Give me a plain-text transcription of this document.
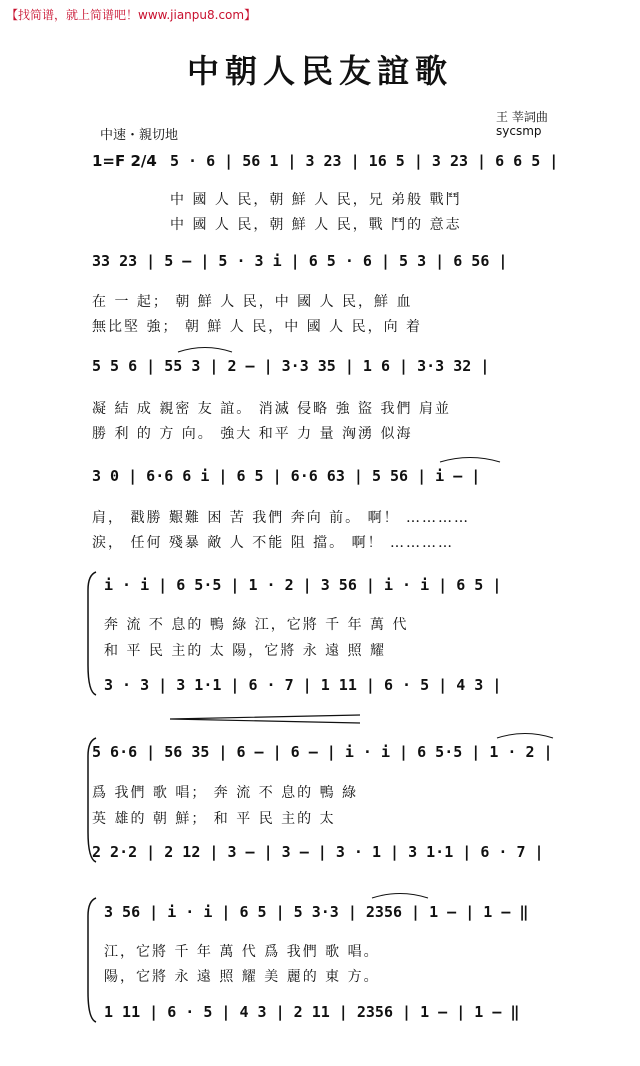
【找简谱，就上简谱吧！www.jianpu8.com】
中朝人民友誼歌
王 莘詞曲
sycsmp
中速・親切地
1=F 2/4 5 · 6 | 56 1 | 3 23 | 16 5 | 3 23 | 6 6 5 |
中 國 人 民，朝 鮮 人 民，兄 弟般 戰鬥
中 國 人 民，朝 鮮 人 民，戰 鬥的 意志
33 23 | 5 — | 5 · 3 i | 6 5 · 6 | 5 3 | 6 56 |
在 一 起； 朝 鮮 人 民，中 國 人 民，鮮 血
無比堅 強； 朝 鮮 人 民，中 國 人 民，向 着
5 5 6 | 55 3 | 2 — | 3·3 35 | 1 6 | 3·3 32 |
凝 結 成 親密 友 誼。 消滅 侵略 強 盜 我們 肩並
勝 利 的 方 向。 強大 和平 力 量 洶湧 似海
3 0 | 6·6 6 i | 6 5 | 6·6 63 | 5 56 | i — |
肩， 戳勝 艱難 困 苦 我們 奔向 前。 啊！ …………
涙， 任何 殘暴 敵 人 不能 阻 擋。 啊！ …………
i · i | 6 5·5 | 1 · 2 | 3 56 | i · i | 6 5 |
奔 流 不 息的 鴨 綠 江，它將 千 年 萬 代
和 平 民 主的 太 陽，它將 永 遠 照 耀
3 · 3 | 3 1·1 | 6 · 7 | 1 11 | 6 · 5 | 4 3 |
5 6·6 | 56 35 | 6 — | 6 — | i · i | 6 5·5 | 1 · 2 |
爲 我們 歌 唱； 奔 流 不 息的 鴨 綠
英 雄的 朝 鮮； 和 平 民 主的 太
2 2·2 | 2 12 | 3 — | 3 — | 3 · 1 | 3 1·1 | 6 · 7 |
3 56 | i · i | 6 5 | 5 3·3 | 2356 | 1 — | 1 — ‖
江，它將 千 年 萬 代 爲 我們 歌 唱。
陽，它將 永 遠 照 耀 美 麗的 東 方。
1 11 | 6 · 5 | 4 3 | 2 11 | 2356 | 1 — | 1 — ‖
